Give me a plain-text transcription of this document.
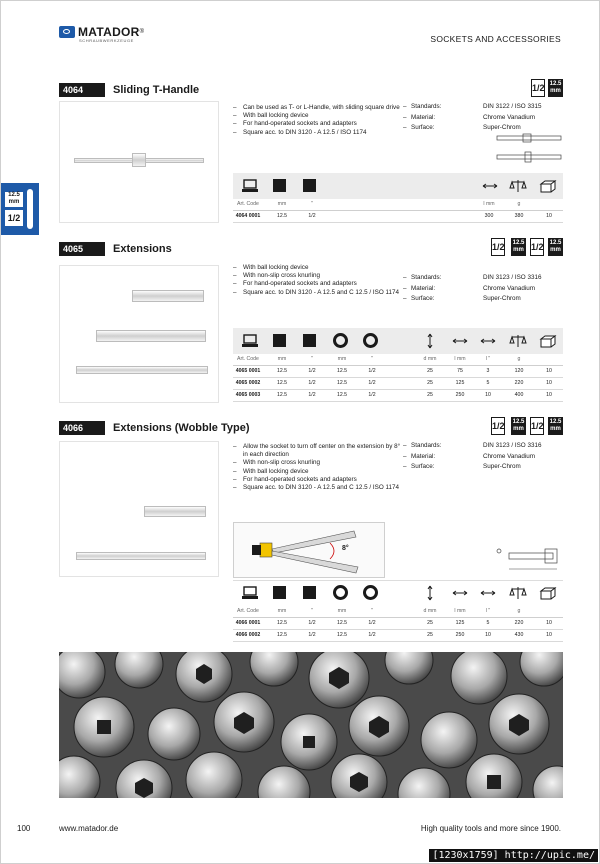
MATADOR ®
SCHRAUBWERKZEUGE	SOCKETS AND ACCESSORIES
12.5
mm
1/2
4064	Sliding T-Handle	1/2 12.5
mm
– Can be used as T- or L-Handle, with sliding square drive
– With ball locking device
– For hand-operated sockets and adapters
– Square acc. to DIN 3120 - A 12.5 / ISO 1174
– Standards:	DIN 3122 / ISO 3315
– Material:	Chrome Vanadium
– Surface:	Super-Chrom
Art. Code	mm	"	l mm	g
4064 0001	12.5	1/2	300	380	10
4065	Extensions	1/2 12.5
mm 1/2 12.5
mm
– With ball locking device
– With non-slip cross knurling
– For hand-operated sockets and adapters
– Square acc. to DIN 3120 - A 12.5 and C 12.5 / ISO 1174
– Standards:	DIN 3123 / ISO 3316
– Material:	Chrome Vanadium
– Surface:	Super-Chrom
Art. Code	mm	"	mm	"	d mm	l mm	l "	g
4065 0001	12.5	1/2	12.5	1/2	25	75	3	120	10
4065 0002	12.5	1/2	12.5	1/2	25	125	5	220	10
4065 0003	12.5	1/2	12.5	1/2	25	250	10	400	10
4066	Extensions (Wobble Type)	1/2 12.5
mm 1/2 12.5
mm
– Allow the socket to turn off center on the extension by 8° in each direction
– With non-slip cross knurling
– With ball locking device
– For hand-operated sockets and adapters
– Square acc. to DIN 3120 - A 12.5 and C 12.5 / ISO 1174
– Standards:	DIN 3123 / ISO 3316
– Material:	Chrome Vanadium
– Surface:	Super-Chrom
8°
Art. Code	mm	"	mm	"	d mm	l mm	l "	g
4066 0001	12.5	1/2	12.5	1/2	25	125	5	220	10
4066 0002	12.5	1/2	12.5	1/2	25	250	10	430	10
100	www.matador.de	High quality tools and more since 1900.
[1230x1759] http://upic.me/
